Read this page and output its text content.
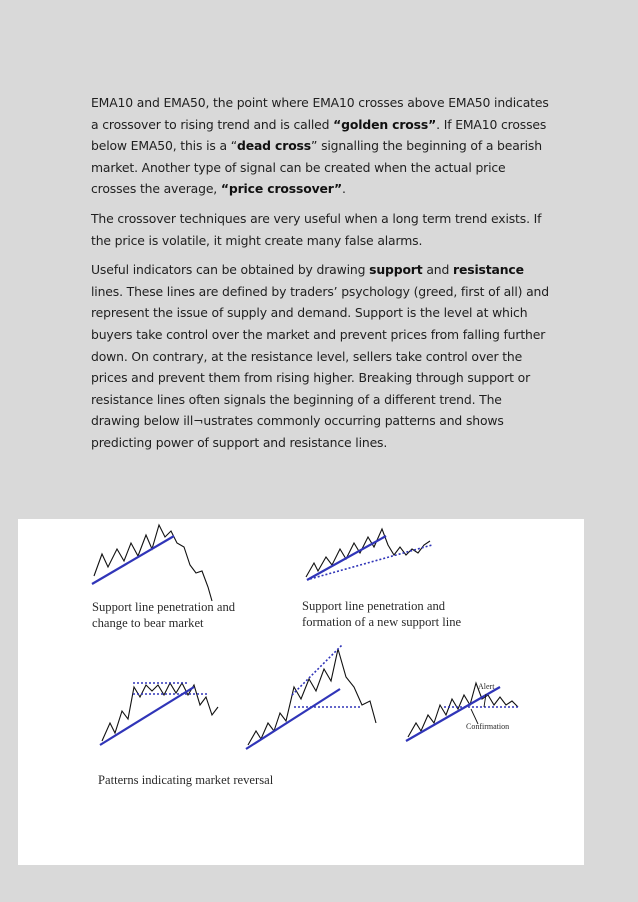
EMA10 and EMA50, the point where EMA10 crosses above EMA50 indicates a crossover to rising trend and is called “golden cross”. If EMA10 crosses below EMA50, this is a “dead cross” signalling the beginning of a bearish market. Another type of signal can be created when the actual price crosses the average, “price crossover”.

The crossover techniques are very useful when a long term trend exists. If the price is volatile, it might create many false alarms.

Useful indicators can be obtained by drawing support and resistance lines. These lines are defined by traders’ psychology (greed, first of all) and represent the issue of supply and demand. Support is the level at which buyers take control over the market and prevent prices from falling further down. On contrary, at the resistance level, sellers take control over the prices and prevent them from rising higher. Breaking through support or resistance lines often signals the beginning of a different trend. The drawing below ill¬ustrates commonly occurring patterns and shows predicting power of support and resistance lines.

Support line penetration and
change to bear market
Support line penetration and
formation of a new support line
Patterns indicating market reversal
Alert
Confirmation
